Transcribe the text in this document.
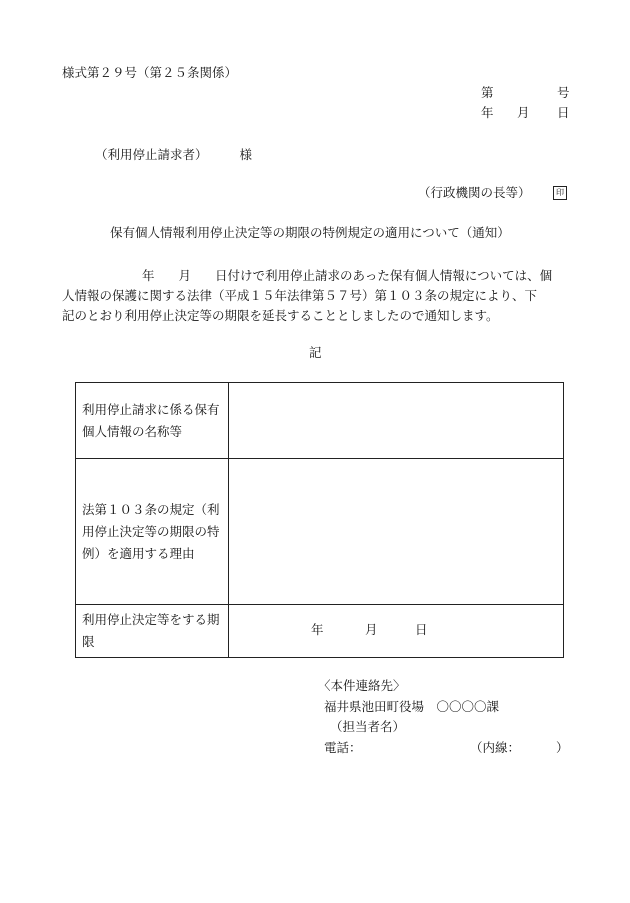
様式第２９号（第２５条関係）
第	号
年 月 日
（利用停止請求者）	様
（行政機関の長等）	印
保有個人情報利用停止決定等の期限の特例規定の適用について（通知）
年 月 日付けで利用停止請求のあった保有個人情報については、個
人情報の保護に関する法律（平成１５年法律第５７号）第１０３条の規定により、下
記のとおり利用停止決定等の期限を延長することとしましたので通知します。
記
利用停止請求に係る保有個人情報の名称等	

法第１０３条の規定（利用停止決定等の期限の特例）を適用する理由	

利用停止決定等をする期限	年 月 日
〈本件連絡先〉
福井県池田町役場　〇〇〇〇課
（担当者名）
電話：	（内線：	）
